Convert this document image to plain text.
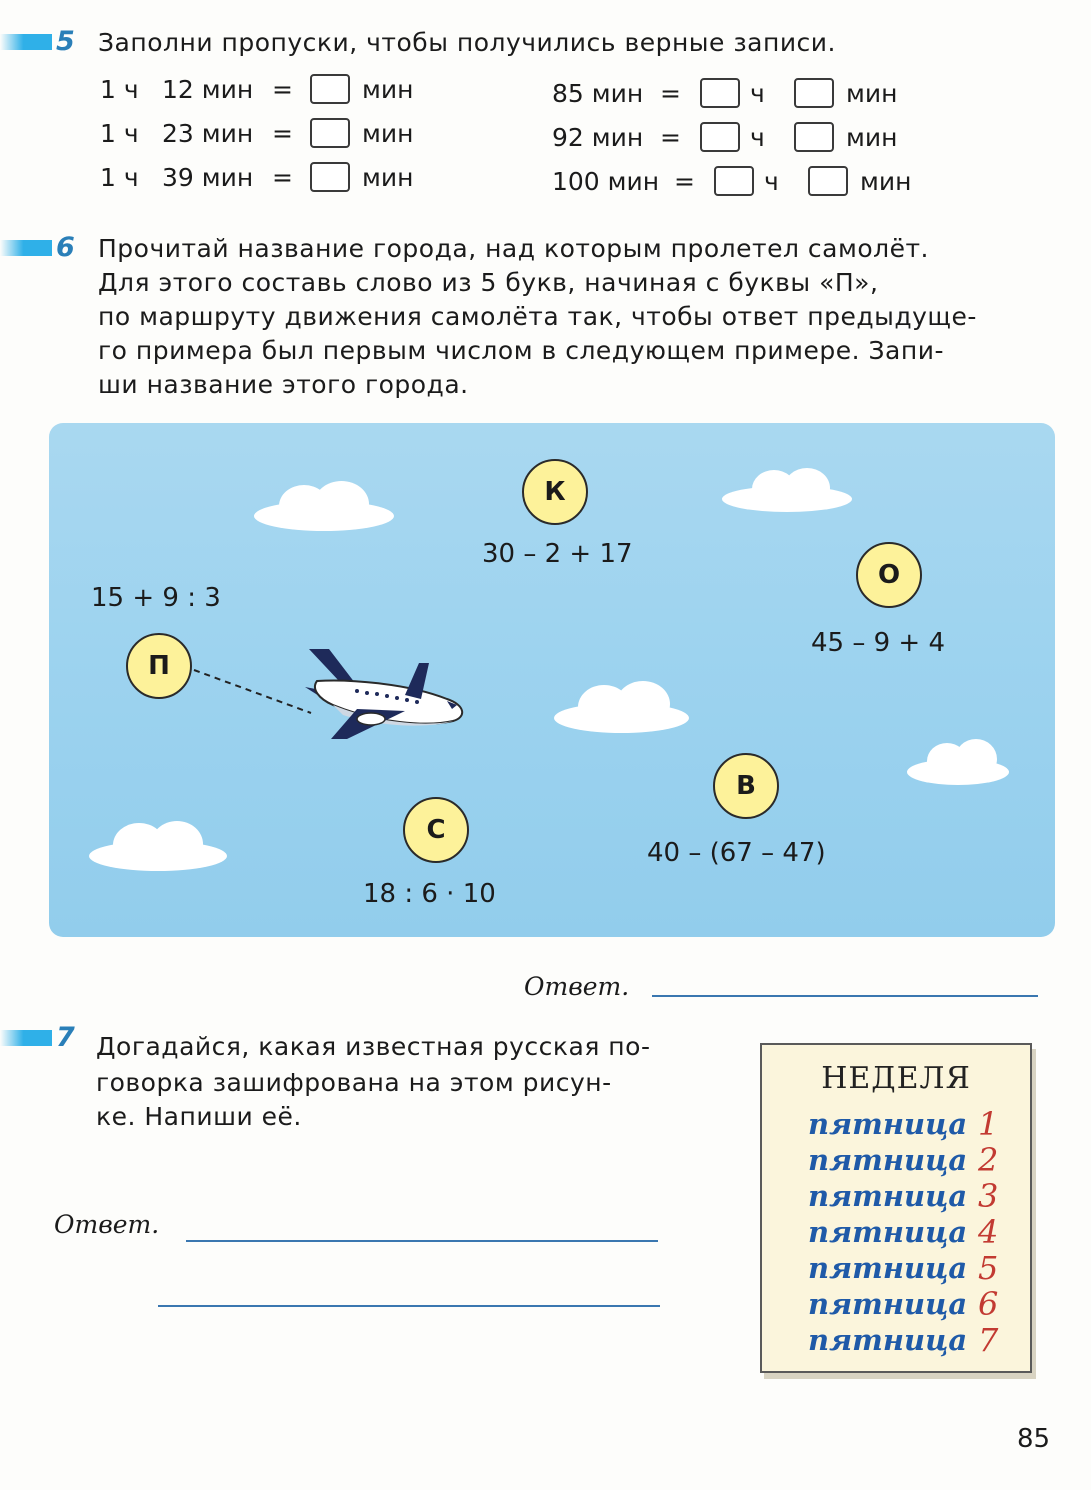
5 Заполни пропуски, чтобы получились верные записи.
1 ч 12 мин =	мин
1 ч 23 мин =	мин
1 ч 39 мин =	мин
85 мин =	ч	мин
92 мин =	ч	мин
100 мин =	ч	мин
6 Прочитай название города, над которым пролетел самолёт.
Для этого составь слово из 5 букв, начиная с буквы «П»,
по маршруту движения самолёта так, чтобы ответ предыдуще-
го примера был первым числом в следующем примере. Запи-
ши название этого города.
П
15 + 9 : 3
К
30 – 2 + 17
О
45 – 9 + 4
В
40 – (67 – 47)
С
18 : 6 · 10
Ответ.
7 Догадайся, какая известная русская по-
говорка зашифрована на этом рисун-
ке. Напиши её.
Ответ.
НЕДЕЛЯ
пятница 1
пятница 2
пятница 3
пятница 4
пятница 5
пятница 6
пятница 7
85
